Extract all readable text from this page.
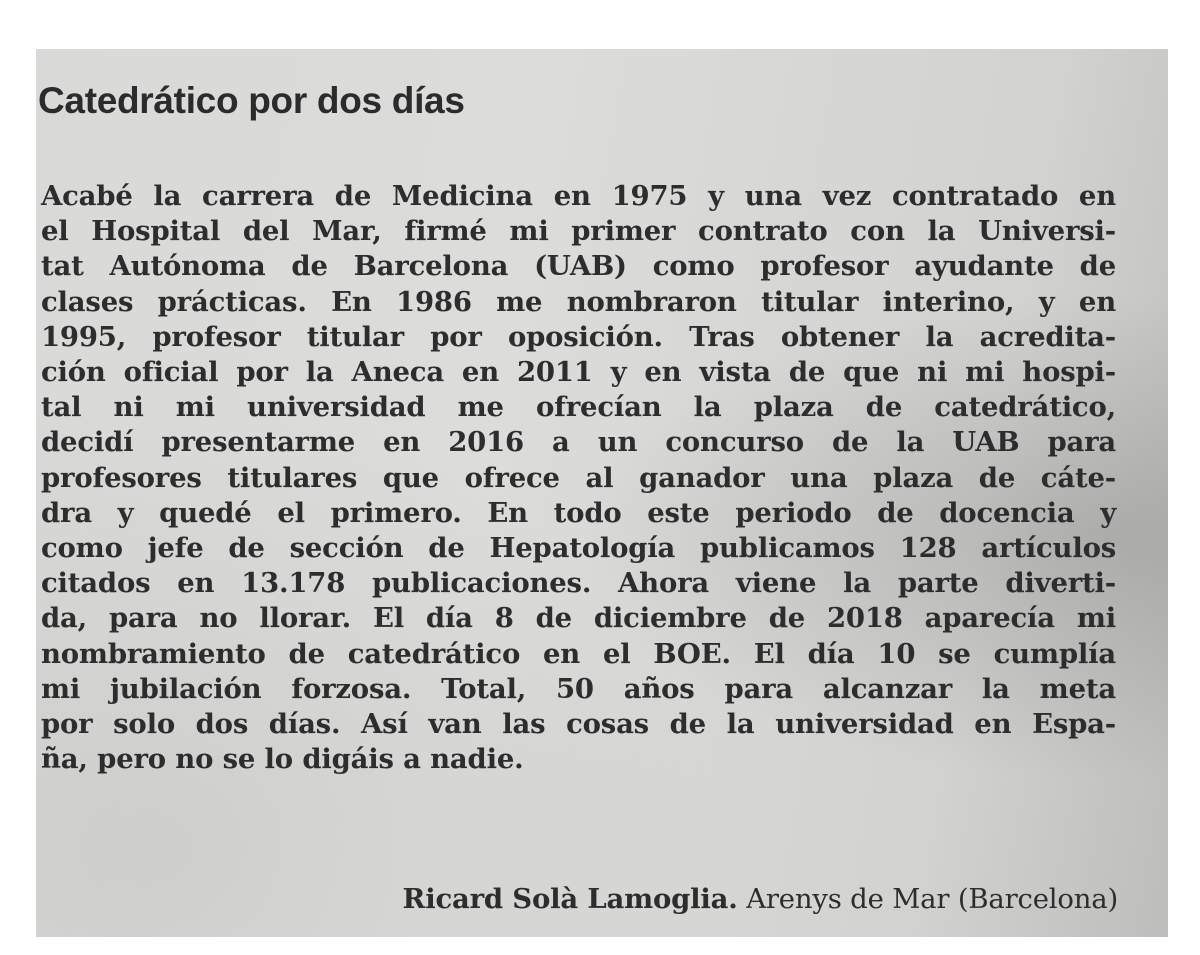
Catedrático por dos días

Acabé la carrera de Medicina en 1975 y una vez contratado en
el Hospital del Mar, firmé mi primer contrato con la Universi-
tat Autónoma de Barcelona (UAB) como profesor ayudante de
clases prácticas. En 1986 me nombraron titular interino, y en
1995, profesor titular por oposición. Tras obtener la acredita-
ción oficial por la Aneca en 2011 y en vista de que ni mi hospi-
tal ni mi universidad me ofrecían la plaza de catedrático,
decidí presentarme en 2016 a un concurso de la UAB para
profesores titulares que ofrece al ganador una plaza de cáte-
dra y quedé el primero. En todo este periodo de docencia y
como jefe de sección de Hepatología publicamos 128 artículos
citados en 13.178 publicaciones. Ahora viene la parte diverti-
da, para no llorar. El día 8 de diciembre de 2018 aparecía mi
nombramiento de catedrático en el BOE. El día 10 se cumplía
mi jubilación forzosa. Total, 50 años para alcanzar la meta
por solo dos días. Así van las cosas de la universidad en Espa-
ña, pero no se lo digáis a nadie.

Ricard Solà Lamoglia. Arenys de Mar (Barcelona)
